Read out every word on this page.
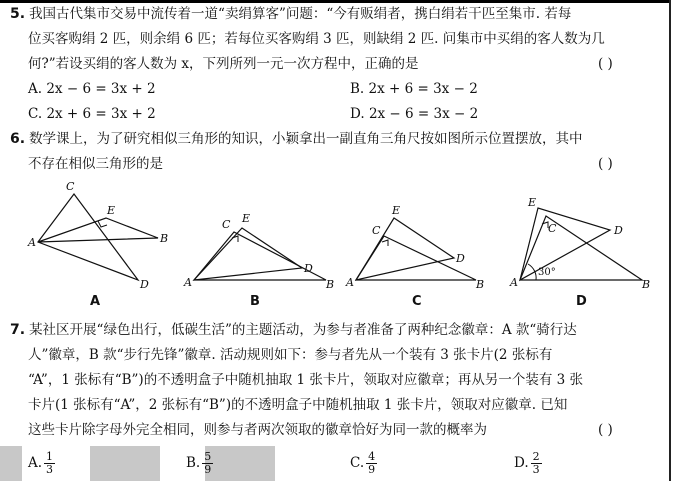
5. 我国古代集市交易中流传着一道“卖绢算客”问题：“今有贩绢者，携白绢若干匹至集市. 若每
位买客购绢 2 匹，则余绢 6 匹；若每位买客购绢 3 匹，则缺绢 2 匹. 问集市中买绢的客人数为几
何?”若设买绢的客人数为 x，下列所列一元一次方程中，正确的是	( )
A. 2x − 6 = 3x + 2	B. 2x + 6 = 3x − 2
C. 2x + 6 = 3x + 2	D. 2x − 6 = 3x − 2
6. 数学课上，为了研究相似三角形的知识，小颖拿出一副直角三角尺按如图所示位置摆放，其中
不存在相似三角形的是	( )
C
E
A	B
D
A
C E
A	B
D
B
C
E
A	B
D
C
E
C
A	B
D
30°
D
7. 某社区开展“绿色出行，低碳生活”的主题活动，为参与者准备了两种纪念徽章：A 款“骑行达
人”徽章，B 款“步行先锋”徽章. 活动规则如下：参与者先从一个装有 3 张卡片(2 张标有
“A”，1 张标有“B”)的不透明盒子中随机抽取 1 张卡片，领取对应徽章；再从另一个装有 3 张
卡片(1 张标有“A”，2 张标有“B”)的不透明盒子中随机抽取 1 张卡片，领取对应徽章. 已知
这些卡片除字母外完全相同，则参与者两次领取的徽章恰好为同一款的概率为	( )
A. $\frac{1}{3}$	B. $\frac{5}{9}$	C. $\frac{4}{9}$	D. $\frac{2}{3}$
